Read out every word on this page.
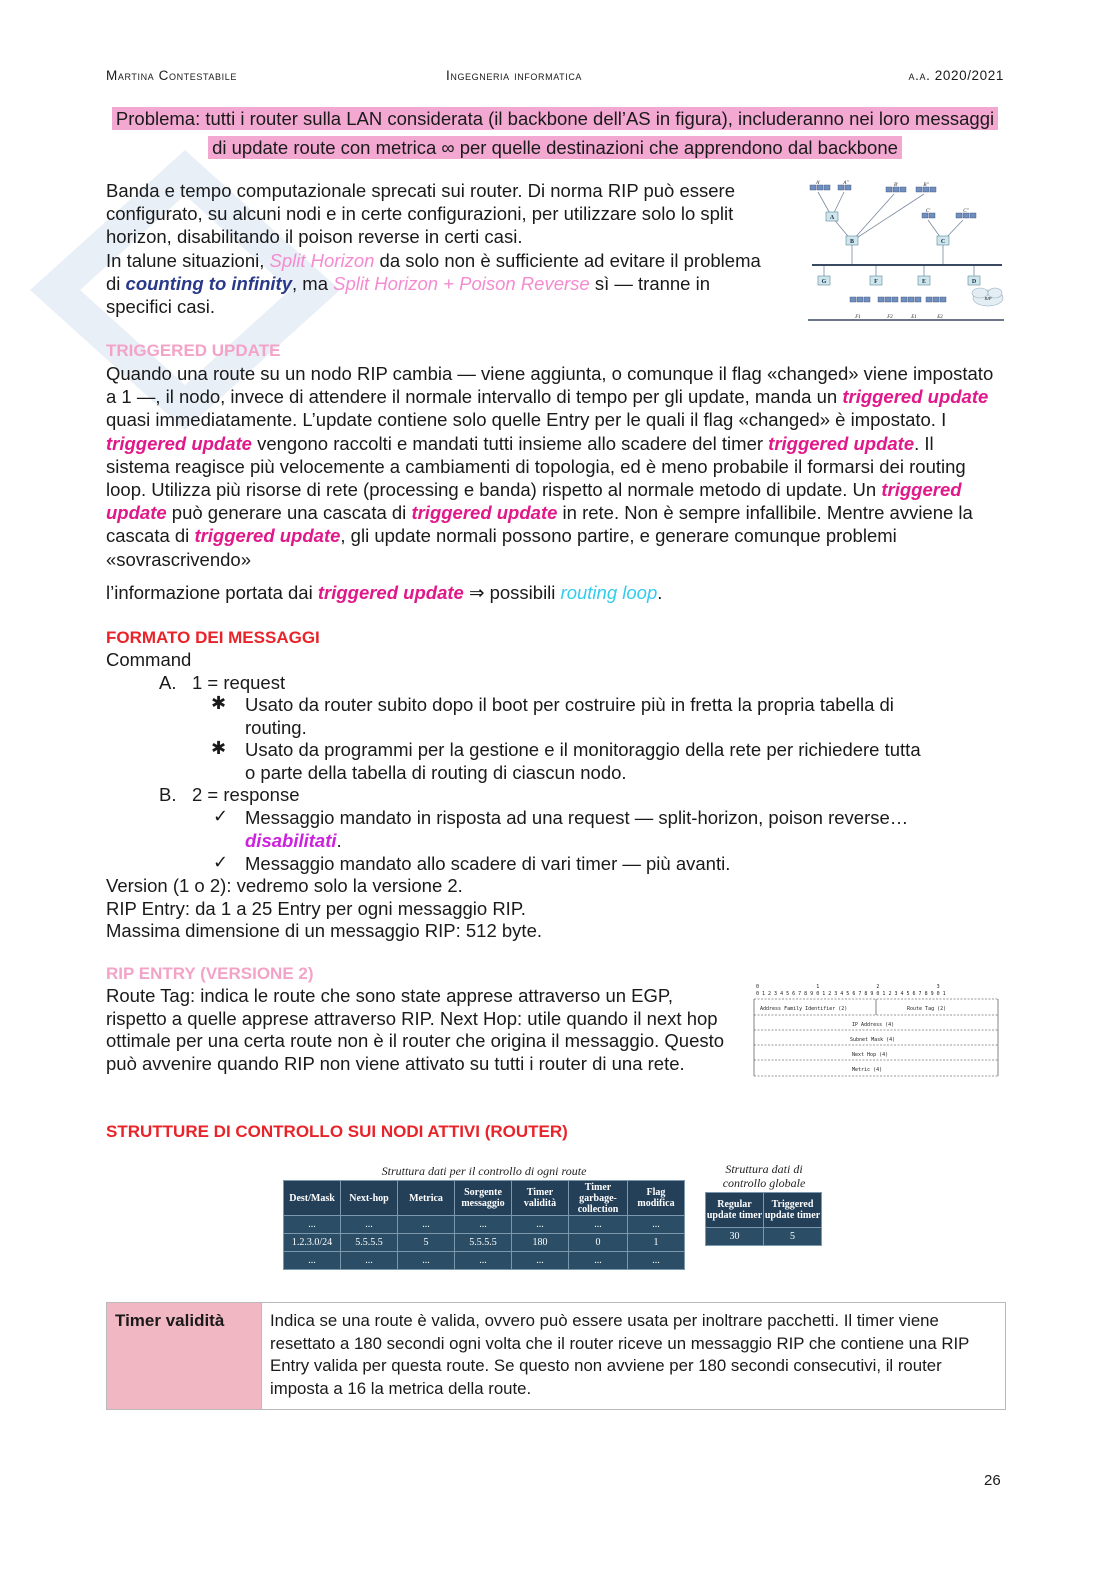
Martina Contestabile	Ingegneria informatica	a.a. 2020/2021
Problema: tutti i router sulla LAN considerata (il backbone dell’AS in figura), includeranno nei loro messaggi di update route con metrica ∞ per quelle destinazioni che apprendono dal backbone

Banda e tempo computazionale sprecati sui router. Di norma RIP può essere configurato, su alcuni nodi e in certe configurazioni, per utilizzare solo lo split horizon, disabilitando il poison reverse in certi casi.
In talune situazioni, Split Horizon da solo non è sufficiente ad evitare il problema di counting to infinity, ma Split Horizon + Poison Reverse sì — tranne in specifici casi.

A
B	C
D
E
F
G
A'	A''	B'	B''
C'	C''
F1	F2	E1	E2
RIP
TRIGGERED UPDATE

Quando una route su un nodo RIP cambia — viene aggiunta, o comunque il flag «changed» viene impostato a 1 —, il nodo, invece di attendere il normale intervallo di tempo per gli update, manda un triggered update quasi immediatamente. L’update contiene solo quelle Entry per le quali il flag «changed» è impostato. I triggered update vengono raccolti e mandati tutti insieme allo scadere del timer triggered update. Il sistema reagisce più velocemente a cambiamenti di topologia, ed è meno probabile il formarsi dei routing loop. Utilizza più risorse di rete (processing e banda) rispetto al normale metodo di update. Un triggered update può generare una cascata di triggered update in rete. Non è sempre infallibile. Mentre avviene la cascata di triggered update, gli update normali possono partire, e generare comunque problemi «sovrascrivendo»

l’informazione portata dai triggered update ⇒ possibili routing loop.

FORMATO DEI MESSAGGI
Command
A. 1 = request
✱ Usato da router subito dopo il boot per costruire più in fretta la propria tabella di
routing.
✱ Usato da programmi per la gestione e il monitoraggio della rete per richiedere tutta
o parte della tabella di routing di ciascun nodo.
B. 2 = response
✓ Messaggio mandato in risposta ad una request — split-horizon, poison reverse…
disabilitati.
✓ Messaggio mandato allo scadere di vari timer — più avanti.
Version (1 o 2): vedremo solo la versione 2.
RIP Entry: da 1 a 25 Entry per ogni messaggio RIP.
Massima dimensione di un messaggio RIP: 512 byte.
RIP ENTRY (VERSIONE 2)

Route Tag: indica le route che sono state apprese attraverso un EGP, rispetto a quelle apprese attraverso RIP. Next Hop: utile quando il next hop ottimale per una certa route non è il router che origina il messaggio. Questo può avvenire quando RIP non viene attivato su tutti i router di una rete.

0                   1                   2                   3
0 1 2 3 4 5 6 7 8 9 0 1 2 3 4 5 6 7 8 9 0 1 2 3 4 5 6 7 8 9 0 1
Address Family Identifier (2)	Route Tag (2)
IP Address (4)
Subnet Mask (4)
Next Hop (4)
Metric (4)
STRUTTURE DI CONTROLLO SUI NODI ATTIVI (ROUTER)
Struttura dati per il controllo di ogni route
Dest/Mask	Next-hop	Metrica	Sorgente messaggio	Timer validità	Timer garbage-collection	Flag modifica
...	...	...	...	...	...	...
1.2.3.0/24	5.5.5.5	5	5.5.5.5	180	0	1
...	...	...	...	...	...	...
Struttura dati di controllo globale
Regular update timer	Triggered update timer
30	5
Timer validità	Indica se una route è valida, ovvero può essere usata per inoltrare pacchetti. Il timer viene resettato a 180 secondi ogni volta che il router riceve un messaggio RIP che contiene una RIP Entry valida per questa route. Se questo non avviene per 180 secondi consecutivi, il router imposta a 16 la metrica della route.
26
